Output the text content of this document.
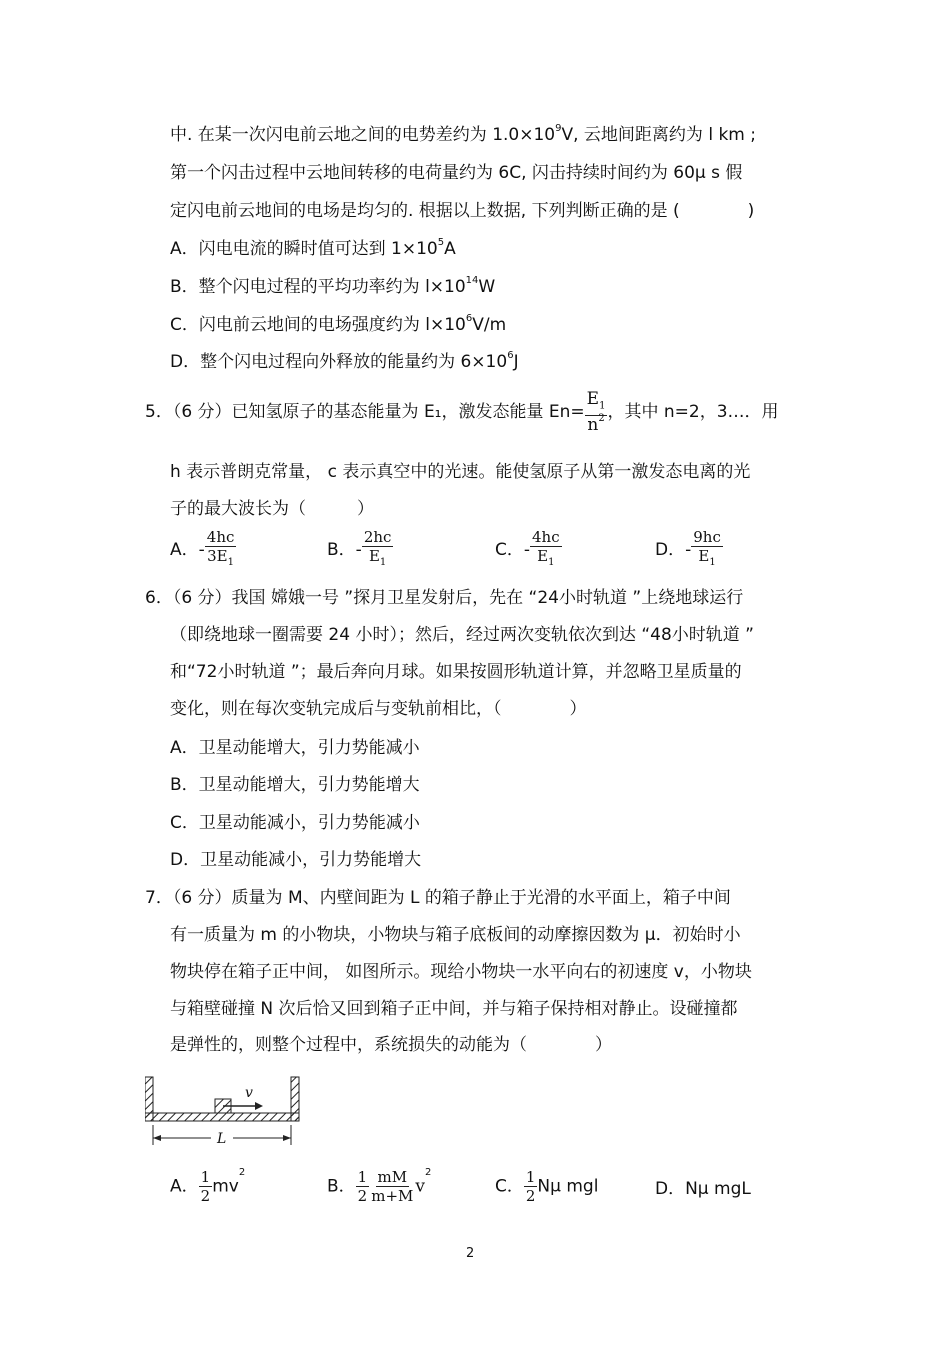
中. 在某一次闪电前云地之间的电势差约为 $1.0\times 10^9V$, 云地间距离约为 l km ;
第一个闪击过程中云地间转移的电荷量约为 6C, 闪击持续时间约为 60μ s 假
定闪电前云地间的电场是均匀的. 根据以上数据, 下列判断正确的是 (　　　　)
A．闪电电流的瞬时值可达到 $1\times 10^5A$
B．整个闪电过程的平均功率约为 $l\times 10^{14}W$
C．闪电前云地间的电场强度约为 $l\times 10^6V/m$
D．整个闪电过程向外释放的能量约为 $6\times 10^6J$
5．（6 分）已知氢原子的基态能量为 E₁，激发态能量 $En= \frac{E_1}{n^2}$ ，其中 n=2，3…．用
h 表示普朗克常量， c 表示真空中的光速。能使氢原子从第一激发态电离的光
子的最大波长为（　　　）
A．- $\frac{4hc}{3E_1}$	B．- $\frac{2hc}{E_1}$	C．- $\frac{4hc}{E_1}$	D．- $\frac{9hc}{E_1}$
6．（6 分）我国 嫦娥一号 ”探月卫星发射后，先在 “24小时轨道 ”上绕地球运行
（即绕地球一圈需要 24 小时）；然后，经过两次变轨依次到达 “48小时轨道 ”
和“72小时轨道 ”；最后奔向月球。如果按圆形轨道计算，并忽略卫星质量的
变化，则在每次变轨完成后与变轨前相比，（　　　　）
A．卫星动能增大，引力势能减小
B．卫星动能增大，引力势能增大
C．卫星动能减小，引力势能减小
D．卫星动能减小，引力势能增大
7．（6 分）质量为 M、内壁间距为 L 的箱子静止于光滑的水平面上，箱子中间
有一质量为 m 的小物块，小物块与箱子底板间的动摩擦因数为 μ．初始时小
物块停在箱子正中间， 如图所示。现给小物块一水平向右的初速度 v，小物块
与箱壁碰撞 N 次后恰又回到箱子正中间，并与箱子保持相对静止。设碰撞都
是弹性的，则整个过程中，系统损失的动能为（　　　　）
v
L
A． $\frac{1}{2} mv^2$
B． $\frac{1}{2} \frac{mM}{m+M} v^2$
C． $\frac{1}{2}$ Nμ mgl	D．Nμ mgL
2
